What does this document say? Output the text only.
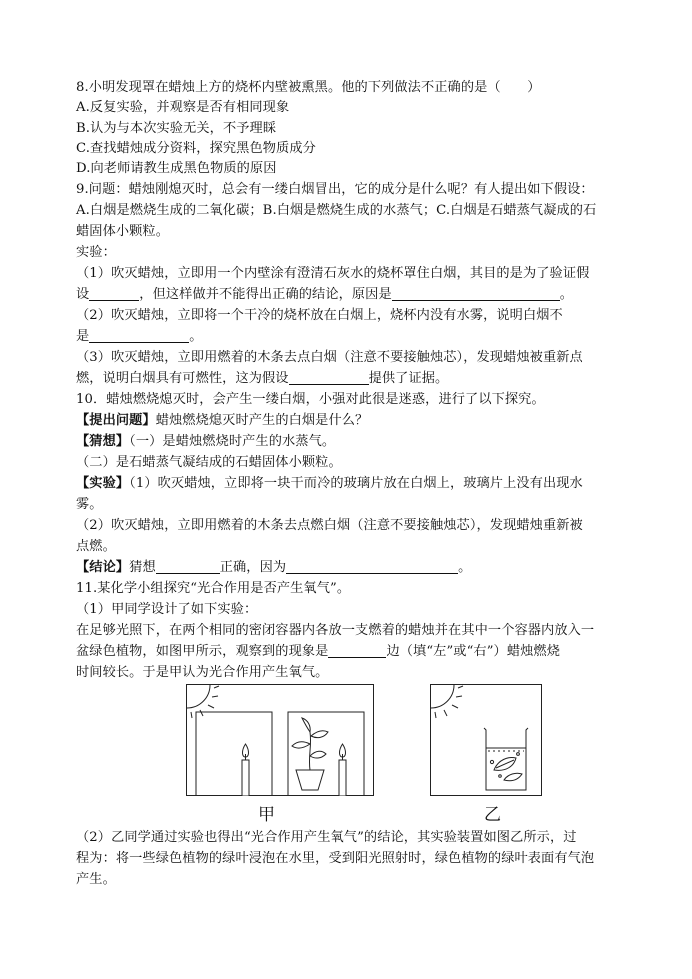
8.小明发现罩在蜡烛上方的烧杯内壁被熏黑。他的下列做法不正确的是（　　）
A.反复实验，并观察是否有相同现象
B.认为与本次实验无关，不予理睬
C.查找蜡烛成分资料，探究黑色物质成分
D.向老师请教生成黑色物质的原因
9.问题：蜡烛刚熄灭时，总会有一缕白烟冒出，它的成分是什么呢？有人提出如下假设：
A.白烟是燃烧生成的二氧化碳；B.白烟是燃烧生成的水蒸气；C.白烟是石蜡蒸气凝成的石
蜡固体小颗粒。
实验：
（1）吹灭蜡烛，立即用一个内壁涂有澄清石灰水的烧杯罩住白烟，其目的是为了验证假
设	，但这样做并不能得出正确的结论，原因是	。
（2）吹灭蜡烛，立即将一个干冷的烧杯放在白烟上，烧杯内没有水雾，说明白烟不
是	。
（3）吹灭蜡烛，立即用燃着的木条去点白烟（注意不要接触烛芯），发现蜡烛被重新点
燃，说明白烟具有可燃性，这为假设	提供了证据。
10．蜡烛燃烧熄灭时，会产生一缕白烟，小强对此很是迷惑，进行了以下探究。
【提出问题】蜡烛燃烧熄灭时产生的白烟是什么？
【猜想】（一）是蜡烛燃烧时产生的水蒸气。
（二）是石蜡蒸气凝结成的石蜡固体小颗粒。
【实验】（1）吹灭蜡烛，立即将一块干而冷的玻璃片放在白烟上，玻璃片上没有出现水
雾。
（2）吹灭蜡烛，立即用燃着的木条去点燃白烟（注意不要接触烛芯），发现蜡烛重新被
点燃。
【结论】猜想	正确，因为	。
11.某化学小组探究“光合作用是否产生氧气”。
（1）甲同学设计了如下实验：
在足够光照下，在两个相同的密闭容器内各放一支燃着的蜡烛并在其中一个容器内放入一
盆绿色植物，如图甲所示，观察到的现象是	边（填“左”或“右”）蜡烛燃烧
时间较长。于是甲认为光合作用产生氧气。
甲	乙
（2）乙同学通过实验也得出“光合作用产生氧气”的结论，其实验装置如图乙所示，过
程为：将一些绿色植物的绿叶浸泡在水里，受到阳光照射时，绿色植物的绿叶表面有气泡
产生。
